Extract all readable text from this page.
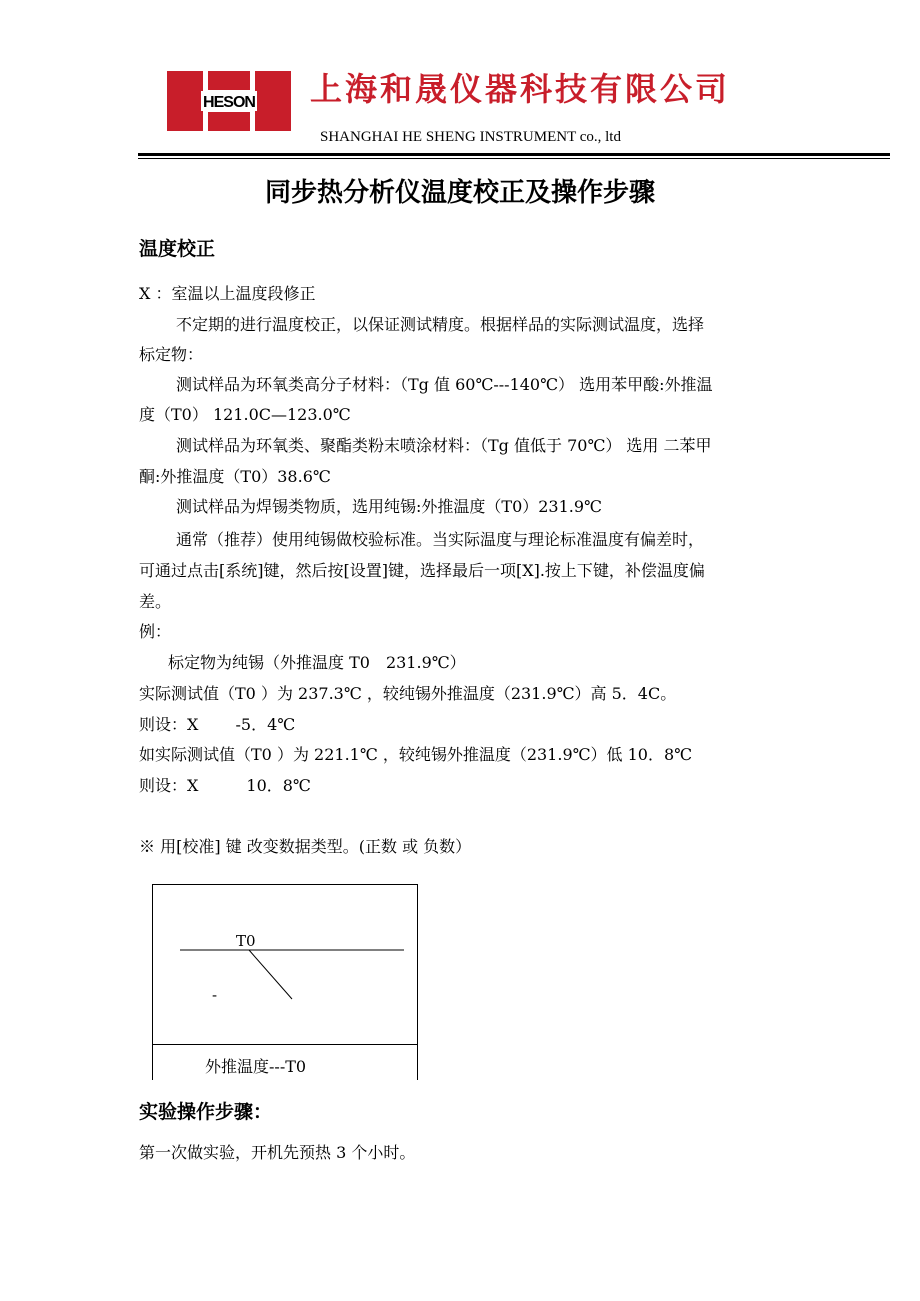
HESON 上海和晟仪器科技有限公司
SHANGHAI HE SHENG INSTRUMENT co., ltd
同步热分析仪温度校正及操作步骤
温度校正
X ：室温以上温度段修正
不定期的进行温度校正，以保证测试精度。根据样品的实际测试温度，选择
标定物：
测试样品为环氧类高分子材料：（Tg 值 60℃---140℃） 选用苯甲酸:外推温
度（T0） 121.0C—123.0℃
测试样品为环氧类、聚酯类粉末喷涂材料：（Tg 值低于 70℃） 选用 二苯甲
酮:外推温度（T0）38.6℃
测试样品为焊锡类物质，选用纯锡:外推温度（T0）231.9℃
通常（推荐）使用纯锡做校验标准。当实际温度与理论标准温度有偏差时，
可通过点击[系统]键，然后按[设置]键，选择最后一项[X].按上下键，补偿温度偏
差。
例：
标定物为纯锡（外推温度 T0　231.9℃）
实际测试值（T0 ）为 237.3℃ ，较纯锡外推温度（231.9℃）高 5．4C。
则设：X　　 -5．4℃
如实际测试值（T0 ）为 221.1℃ ，较纯锡外推温度（231.9℃）低 10．8℃
则设：X　　　10．8℃
※ 用[校准] 键 改变数据类型。(正数 或 负数）
T0
-
外推温度---T0
实验操作步骤：
第一次做实验，开机先预热 3 个小时。
